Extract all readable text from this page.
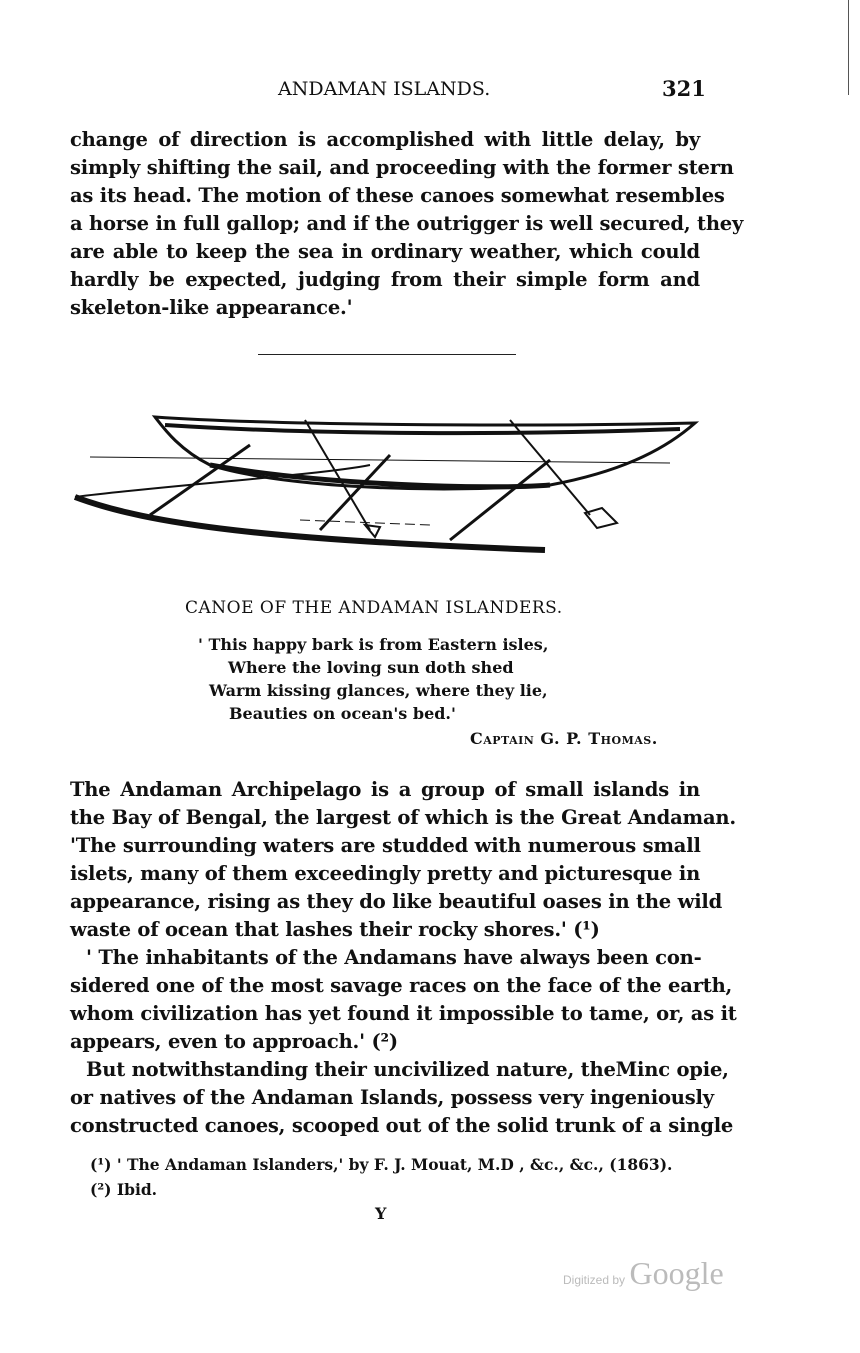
ANDAMAN ISLANDS.	321
change of direction is accomplished with little delay, by
simply shifting the sail, and proceeding with the former stern
as its head. The motion of these canoes somewhat resembles
a horse in full gallop; and if the outrigger is well secured, they
are able to keep the sea in ordinary weather, which could
hardly be expected, judging from their simple form and
skeleton-like appearance.'
CANOE OF THE ANDAMAN ISLANDERS.
' This happy bark is from Eastern isles,
Where the loving sun doth shed
Warm kissing glances, where they lie,
Beauties on ocean's bed.'
Captain G. P. Thomas.
The Andaman Archipelago is a group of small islands in
the Bay of Bengal, the largest of which is the Great Andaman.
'The surrounding waters are studded with numerous small
islets, many of them exceedingly pretty and picturesque in
appearance, rising as they do like beautiful oases in the wild
waste of ocean that lashes their rocky shores.' (¹)
' The inhabitants of the Andamans have always been con-
sidered one of the most savage races on the face of the earth,
whom civilization has yet found it impossible to tame, or, as it
appears, even to approach.' (²)
But notwithstanding their uncivilized nature, theMinc opie,
or natives of the Andaman Islands, possess very ingeniously
constructed canoes, scooped out of the solid trunk of a single
(¹) ' The Andaman Islanders,' by F. J. Mouat, M.D , &c., &c., (1863).
(²) Ibid.
Y
Digitized by Google
